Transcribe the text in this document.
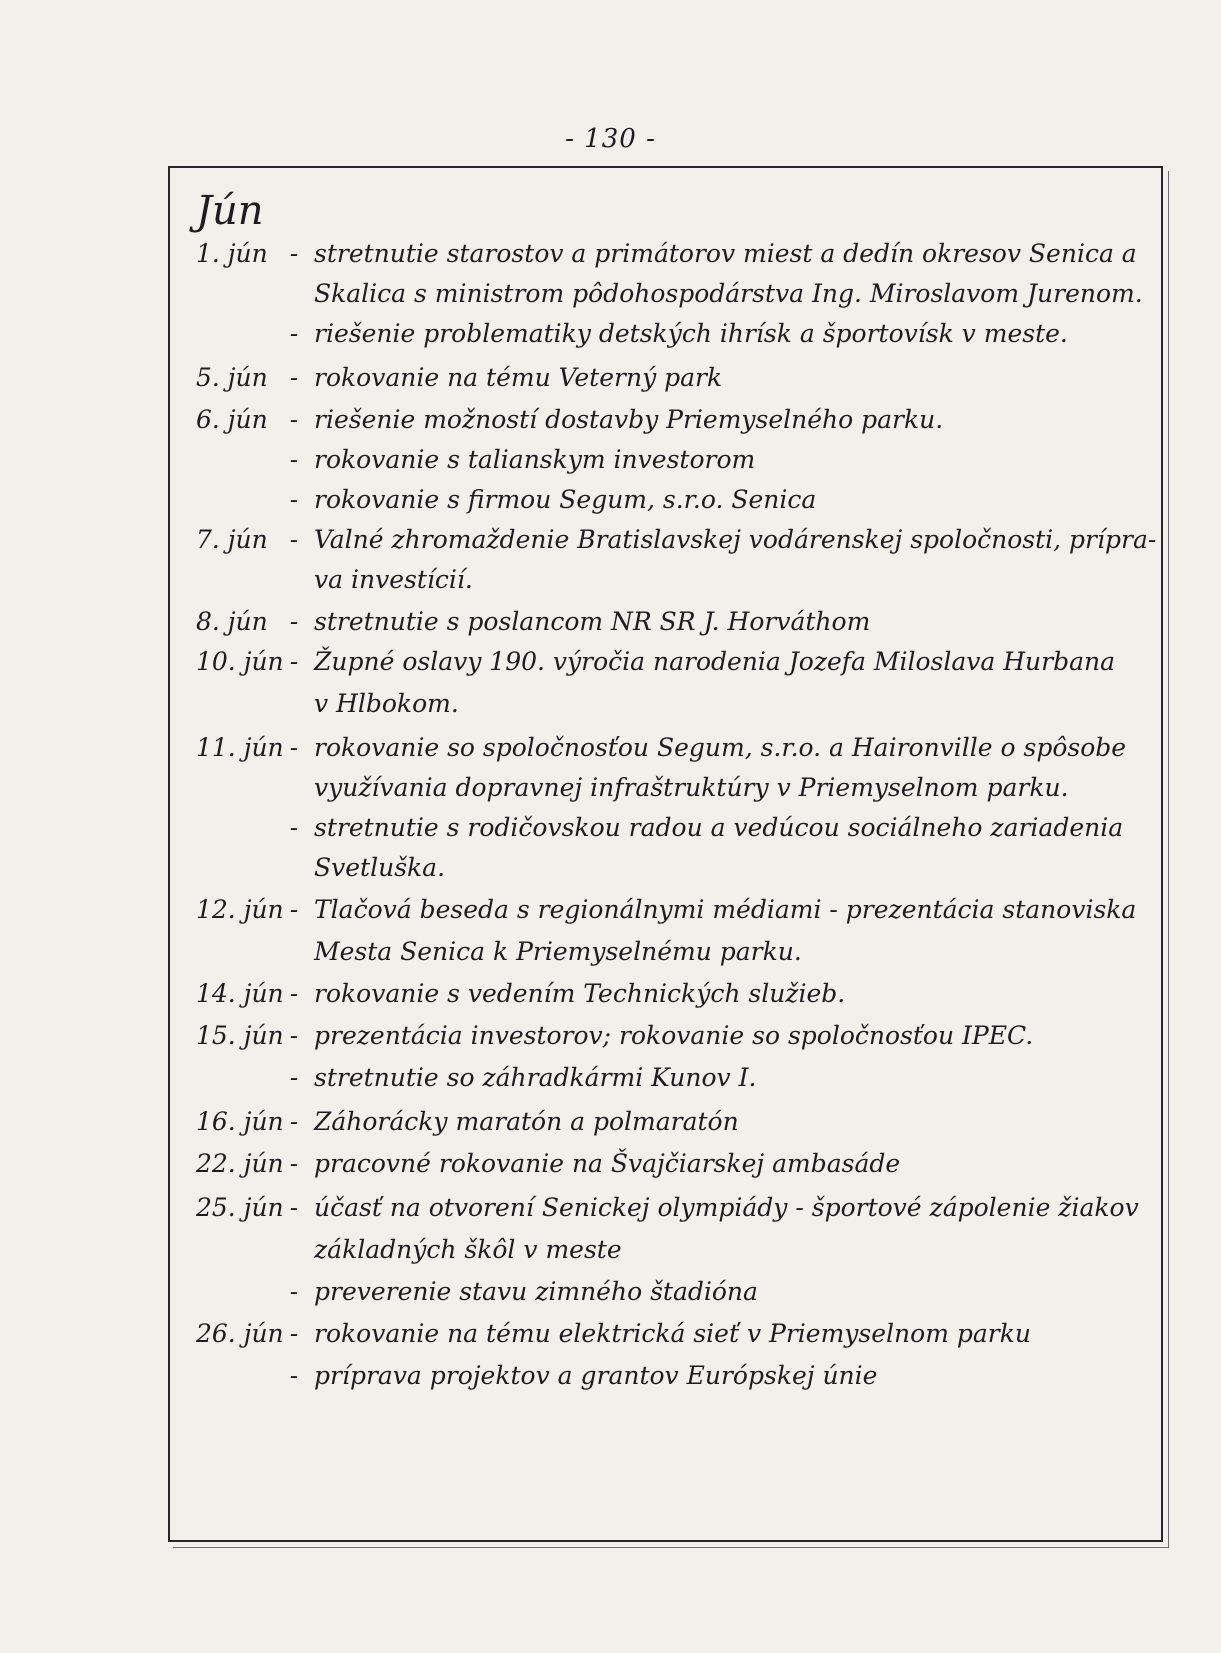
- 130 -
Jún
1. jún - stretnutie starostov a primátorov miest a dedín okresov Senica a
Skalica s ministrom pôdohospodárstva Ing. Miroslavom Jurenom.
- riešenie problematiky detských ihrísk a športovísk v meste.
5. jún - rokovanie na tému Veterný park
6. jún - riešenie možností dostavby Priemyselného parku.
- rokovanie s talianskym investorom
- rokovanie s firmou Segum, s.r.o. Senica
7. jún - Valné zhromaždenie Bratislavskej vodárenskej spoločnosti, prípra-
va investícií.
8. jún - stretnutie s poslancom NR SR J. Horváthom
10. jún - Župné oslavy 190. výročia narodenia Jozefa Miloslava Hurbana
v Hlbokom.
11. jún - rokovanie so spoločnosťou Segum, s.r.o. a Haironville o spôsobe
využívania dopravnej infraštruktúry v Priemyselnom parku.
- stretnutie s rodičovskou radou a vedúcou sociálneho zariadenia
Svetluška.
12. jún - Tlačová beseda s regionálnymi médiami - prezentácia stanoviska
Mesta Senica k Priemyselnému parku.
14. jún - rokovanie s vedením Technických služieb.
15. jún - prezentácia investorov; rokovanie so spoločnosťou IPEC.
- stretnutie so záhradkármi Kunov I.
16. jún - Záhorácky maratón a polmaratón
22. jún - pracovné rokovanie na Švajčiarskej ambasáde
25. jún - účasť na otvorení Senickej olympiády - športové zápolenie žiakov
základných škôl v meste
- preverenie stavu zimného štadióna
26. jún - rokovanie na tému elektrická sieť v Priemyselnom parku
- príprava projektov a grantov Európskej únie
